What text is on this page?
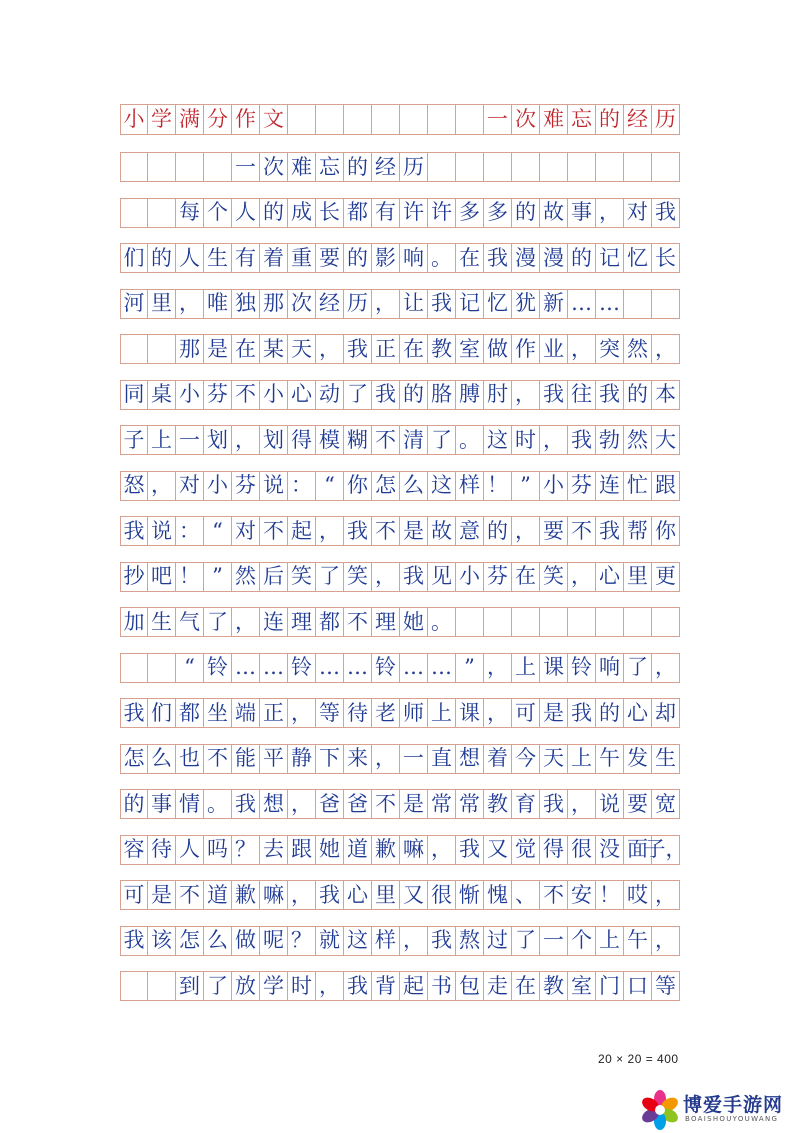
小 学 满 分 作 文	一 次 难 忘 的 经 历
一 次 难 忘 的 经 历
每 个 人 的 成 长 都 有 许 许 多 多 的 故 事 ， 对 我
们 的 人 生 有 着 重 要 的 影 响 。 在 我 漫 漫 的 记 忆 长
河 里 ， 唯 独 那 次 经 历 ， 让 我 记 忆 犹 新 … …
那 是 在 某 天 ， 我 正 在 教 室 做 作 业 ， 突 然 ，
同 桌 小 芬 不 小 心 动 了 我 的 胳 膊 肘 ， 我 往 我 的 本
子 上 一 划 ， 划 得 模 糊 不 清 了 。 这 时 ， 我 勃 然 大
怒 ， 对 小 芬 说 ： “ 你 怎 么 这 样 ！ ” 小 芬 连 忙 跟
我 说 ： “ 对 不 起 ， 我 不 是 故 意 的 ， 要 不 我 帮 你
抄 吧 ！ ” 然 后 笑 了 笑 ， 我 见 小 芬 在 笑 ， 心 里 更
加 生 气 了 ， 连 理 都 不 理 她 。
“ 铃 … … 铃 … … 铃 … … ” ， 上 课 铃 响 了 ，
我 们 都 坐 端 正 ， 等 待 老 师 上 课 ， 可 是 我 的 心 却
怎 么 也 不 能 平 静 下 来 ， 一 直 想 着 今 天 上 午 发 生
的 事 情 。 我 想 ， 爸 爸 不 是 常 常 教 育 我 ， 说 要 宽
容 待 人 吗 ？ 去 跟 她 道 歉 嘛 ， 我 又 觉 得 很 没 面
子，
可 是 不 道 歉 嘛 ， 我 心 里 又 很 惭 愧 、 不 安 ！ 哎 ，
我 该 怎 么 做 呢 ？ 就 这 样 ， 我 熬 过 了 一 个 上 午 ，
到 了 放 学 时 ， 我 背 起 书 包 走 在 教 室 门 口 等
20 × 20 = 400
博爱手游网
BOAISHOUYOUWANG
